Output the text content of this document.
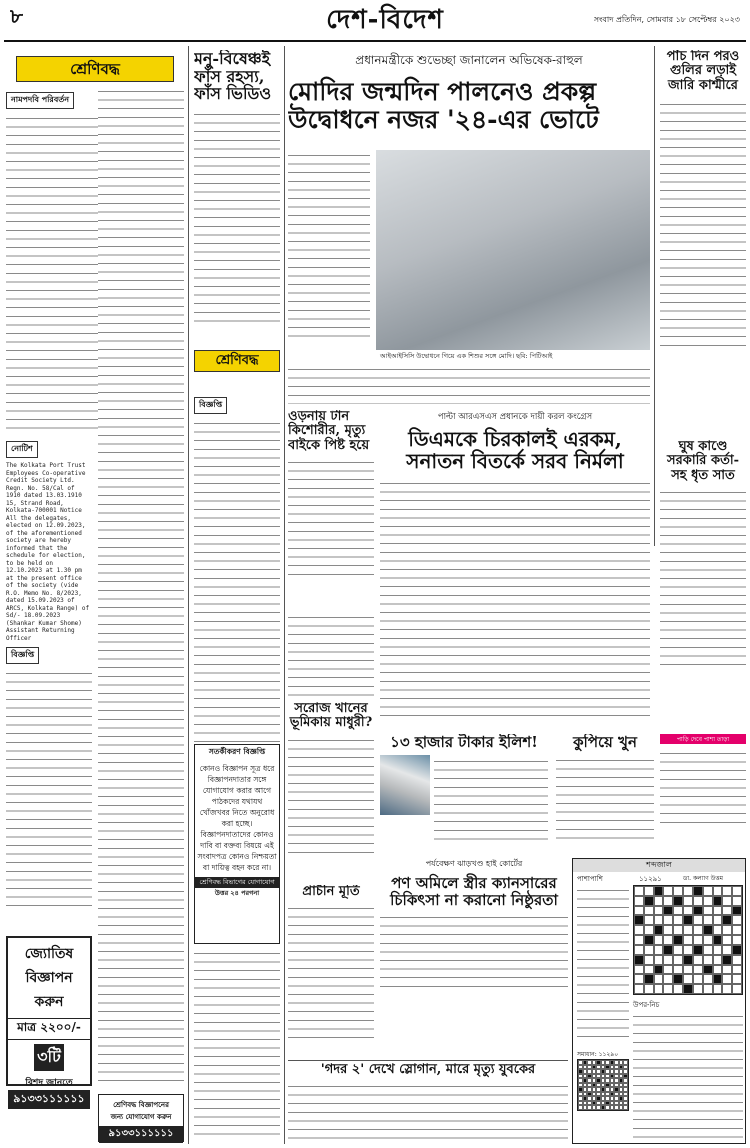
৮	দেশ-বিদেশ	সংবাদ প্রতিদিন, সোমবার ১৮ সেপ্টেম্বর ২০২৩
শ্রেণিবদ্ধ
নামপদবি পরিবর্তন
নোটিশ
The Kolkata Port Trust Employees Co-operative Credit Society Ltd. Regn. No. 58/Cal of 1910 dated 13.03.1910 15, Strand Road, Kolkata-700001 Notice All the delegates, elected on 12.09.2023, of the aforementioned society are hereby informed that the schedule for election, to be held on 12.10.2023 at 1.30 pm at the present office of the society (vide R.O. Memo No. 8/2023, dated 15.09.2023 of ARCS, Kolkata Range) of
Sd/- 18.09.2023 (Shankar Kumar Shome) Assistant Returning Officer
বিজ্ঞপ্তি
জ্যোতিষ
বিজ্ঞাপন
করুন
মাত্র ২২০০/-
৩টি
বিশদ জানতে
৯১৩৩১১১১১১	শ্রেণিবদ্ধ বিজ্ঞাপনের
জন্য যোগাযোগ করুন
৯১৩৩১১১১১১
মনু-বিষেঞ্চই ফাঁস রহস্য, ফাঁস ভিডিও
শ্রেণিবদ্ধ
বিজ্ঞপ্তি
সতর্কীকরণ বিজ্ঞপ্তি
কোনও বিজ্ঞাপন সূত্র ধরে বিজ্ঞাপনদাতার সঙ্গে যোগাযোগ করার আগে পাঠকদের যথাযথ খোঁজখবর নিতে অনুরোধ করা হচ্ছে। বিজ্ঞাপনদাতাদের কোনও দাবি বা বক্তব্য বিষয়ে এই সংবাদপত্র কোনও নিশ্চয়তা বা দায়িত্ব বহন করে না।
শ্রেণিবদ্ধ বিভাগের যোগাযোগ
উত্তর ২৪ পরগনা
ওড়নায় টান কিশোরীর, মৃত্যু বাইকে পিষ্ট হয়ে
সরোজ খানের ভূমিকায় মাধুরী?
প্রাচীন মূর্তি
প্রধানমন্ত্রীকে শুভেচ্ছা জানালেন অভিষেক-রাহুল
মোদির জন্মদিন পালনেও প্রকল্প
উদ্বোধনে নজর '২৪-এর ভোটে
আইআইসিসি উদ্বোধনে গিয়ে এক শিশুর সঙ্গে মোদি। ছবি: পিটিআই
পাঁচ দিন পরও গুলির লড়াই জারি কাশ্মীরে
পাল্টা আরএসএস প্রধানকে দায়ী করল কংগ্রেস
ডিএমকে চিরকালই এরকম,
সনাতন বিতর্কে সরব নির্মলা
ঘুষ কাণ্ডে সরকারি কর্তা-সহ ধৃত সাত
পাড়ি দেবে পাশা তাড়া
১৩ হাজার টাকার ইলিশ!	কুপিয়ে খুন
পর্যবেক্ষণ ঝাড়খণ্ড হাই কোর্টের
পণ অমিলে স্ত্রীর ক্যানসারের
চিকিৎসা না করানো নিষ্ঠুরতা
শব্দজাল
পাশাপাশি	১১২৯১	ডা. কল্যাণ উত্তম
উপর-নিচ
সমাধান: ১১২৯০
'গদর ২' দেখে স্লোগান, মারে মৃত্যু যুবকের
